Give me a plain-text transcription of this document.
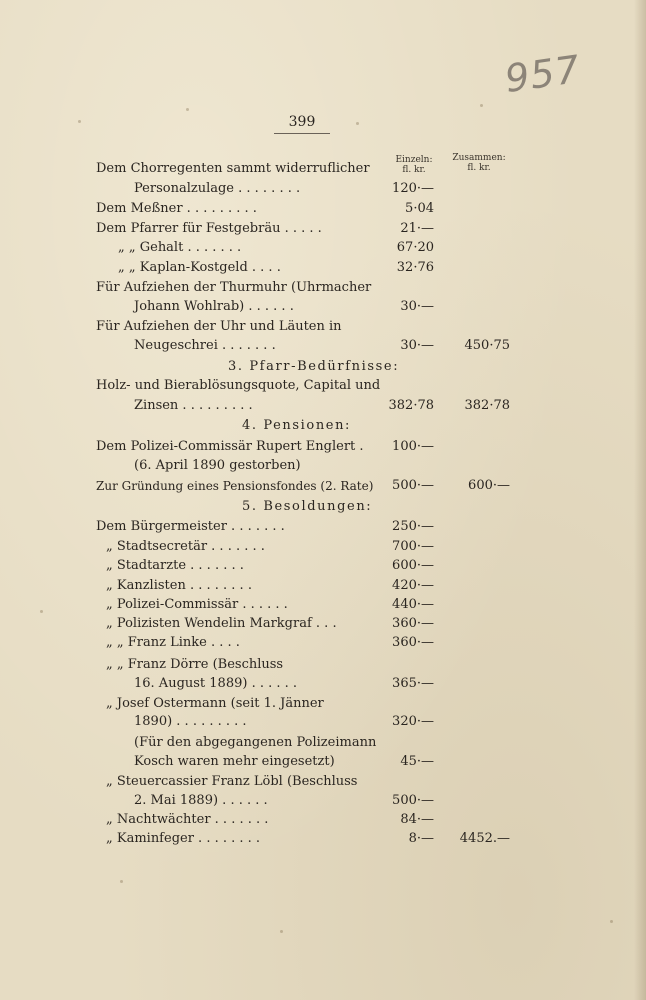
957
399
Einzeln:
fl. kr.
Zusammen:
fl. kr.
Dem Chorregenten sammt widerruflicher
Personalzulage . . . . . . . .	120·—
Dem Meßner . . . . . . . . .	5·04
Dem Pfarrer für Festgebräu . . . . .	21·—
„ „ Gehalt . . . . . . .	67·20
„ „ Kaplan-Kostgeld . . . .	32·76
Für Aufziehen der Thurmuhr (Uhrmacher
Johann Wohlrab) . . . . . .	30·—
Für Aufziehen der Uhr und Läuten in
Neugeschrei . . . . . . .	30·— 450·75
3. Pfarr-Bedürfnisse:
Holz- und Bierablösungsquote, Capital und
Zinsen . . . . . . . . .	382·78 382·78
4. Pensionen:
Dem Polizei-Commissär Rupert Englert . 100·—
(6. April 1890 gestorben)
Zur Gründung eines Pensionsfondes (2. Rate) 500·—	600·—
5. Besoldungen:
Dem Bürgermeister . . . . . . .	250·—
„ Stadtsecretär . . . . . . .	700·—
„ Stadtarzte . . . . . . .	600·—
„ Kanzlisten . . . . . . . .	420·—
„ Polizei-Commissär . . . . . .	440·—
„ Polizisten Wendelin Markgraf . . .	360·—
„ „ Franz Linke . . . .	360·—
„ „ Franz Dörre (Beschluss
16. August 1889) . . . . . .	365·—
„ Josef Ostermann (seit 1. Jänner
1890) . . . . . . . . .	320·—
(Für den abgegangenen Polizeimann
Kosch waren mehr eingesetzt)	45·—
„ Steuercassier Franz Löbl (Beschluss
2. Mai 1889) . . . . . .	500·—
„ Nachtwächter . . . . . . .	84·—
„ Kaminfeger . . . . . . . .	8·— 4452.—
